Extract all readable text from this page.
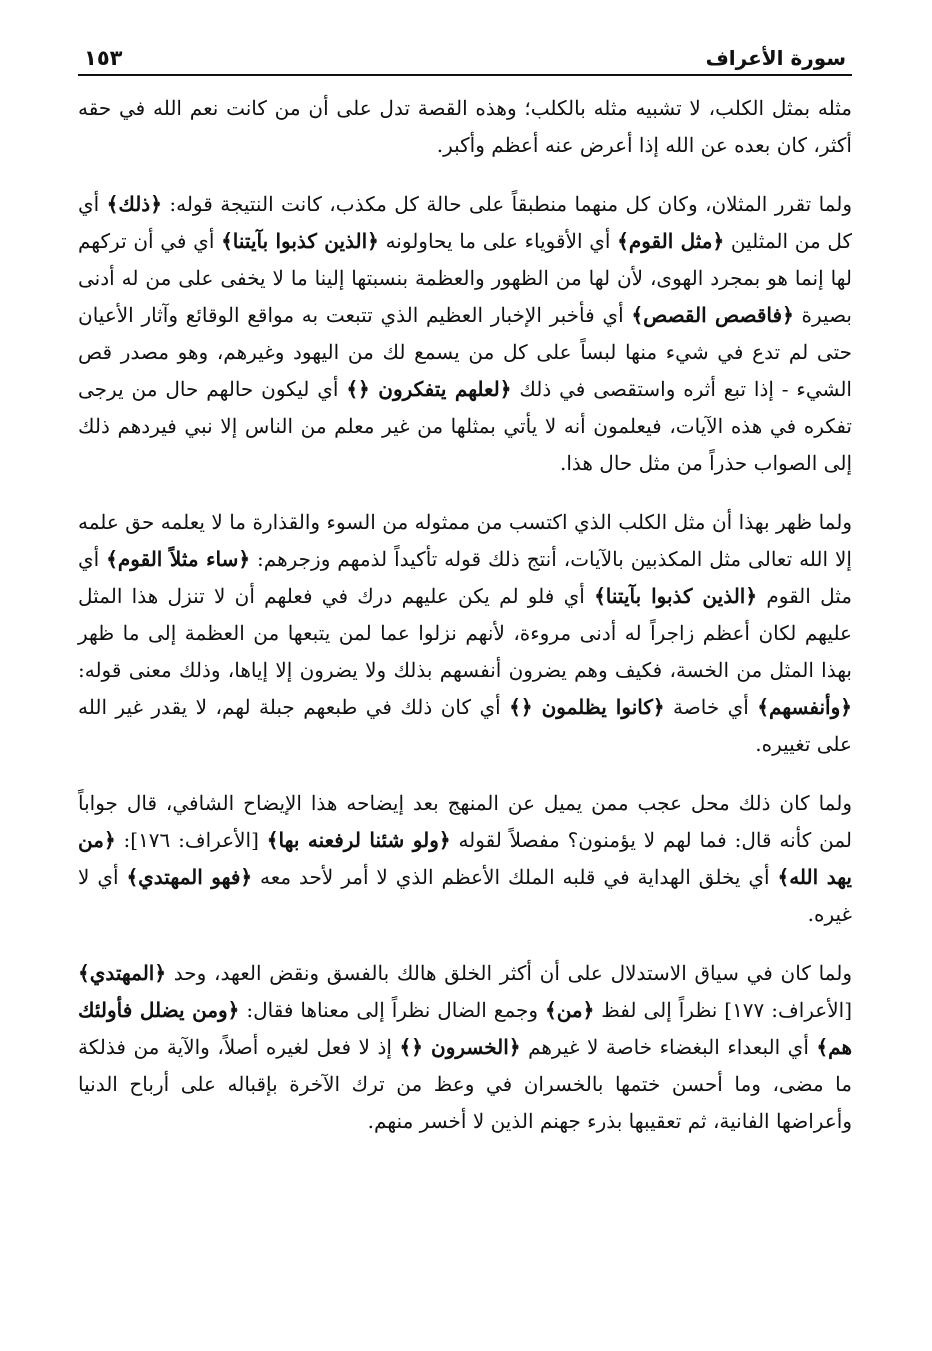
سورة الأعراف
١٥٣

مثله بمثل الكلب، لا تشبيه مثله بالكلب؛ وهذه القصة تدل على أن من كانت نعم الله في حقه أكثر، كان بعده عن الله إذا أعرض عنه أعظم وأكبر.

ولما تقرر المثلان، وكان كل منهما منطبقاً على حالة كل مكذب، كانت النتيجة قوله: ﴿ذلك﴾ أي كل من المثلين ﴿مثل القوم﴾ أي الأقوياء على ما يحاولونه ﴿الذين كذبوا بآيتنا﴾ أي في أن تركهم لها إنما هو بمجرد الهوى، لأن لها من الظهور والعظمة بنسبتها إلينا ما لا يخفى على من له أدنى بصيرة ﴿فاقصص القصص﴾ أي فأخبر الإخبار العظيم الذي تتبعت به مواقع الوقائع وآثار الأعيان حتى لم تدع في شيء منها لبساً على كل من يسمع لك من اليهود وغيرهم، وهو مصدر قص الشيء - إذا تبع أثره واستقصى في ذلك ﴿لعلهم يتفكرون ﴿﴾ أي ليكون حالهم حال من يرجى تفكره في هذه الآيات، فيعلمون أنه لا يأتي بمثلها من غير معلم من الناس إلا نبي فيردهم ذلك إلى الصواب حذراً من مثل حال هذا.

ولما ظهر بهذا أن مثل الكلب الذي اكتسب من ممثوله من السوء والقذارة ما لا يعلمه حق علمه إلا الله تعالى مثل المكذبين بالآيات، أنتج ذلك قوله تأكيداً لذمهم وزجرهم: ﴿ساء مثلاً القوم﴾ أي مثل القوم ﴿الذين كذبوا بآيتنا﴾ أي فلو لم يكن عليهم درك في فعلهم أن لا تنزل هذا المثل عليهم لكان أعظم زاجراً له أدنى مروءة، لأنهم نزلوا عما لمن يتبعها من العظمة إلى ما ظهر بهذا المثل من الخسة، فكيف وهم يضرون أنفسهم بذلك ولا يضرون إلا إياها، وذلك معنى قوله: ﴿وأنفسهم﴾ أي خاصة ﴿كانوا يظلمون ﴿﴾ أي كان ذلك في طبعهم جبلة لهم، لا يقدر غير الله على تغييره.

ولما كان ذلك محل عجب ممن يميل عن المنهج بعد إيضاحه هذا الإيضاح الشافي، قال جواباً لمن كأنه قال: فما لهم لا يؤمنون؟ مفصلاً لقوله ﴿ولو شئنا لرفعنه بها﴾ [الأعراف: ١٧٦]: ﴿من يهد الله﴾ أي يخلق الهداية في قلبه الملك الأعظم الذي لا أمر لأحد معه ﴿فهو المهتدي﴾ أي لا غيره.

ولما كان في سياق الاستدلال على أن أكثر الخلق هالك بالفسق ونقض العهد، وحد ﴿المهتدي﴾ [الأعراف: ١٧٧] نظراً إلى لفظ ﴿من﴾ وجمع الضال نظراً إلى معناها فقال: ﴿ومن يضلل فأولئك هم﴾ أي البعداء البغضاء خاصة لا غيرهم ﴿الخسرون ﴿﴾ إذ لا فعل لغيره أصلاً، والآية من فذلكة ما مضى، وما أحسن ختمها بالخسران في وعظ من ترك الآخرة بإقباله على أرباح الدنيا وأعراضها الفانية، ثم تعقيبها بذرء جهنم الذين لا أخسر منهم.
